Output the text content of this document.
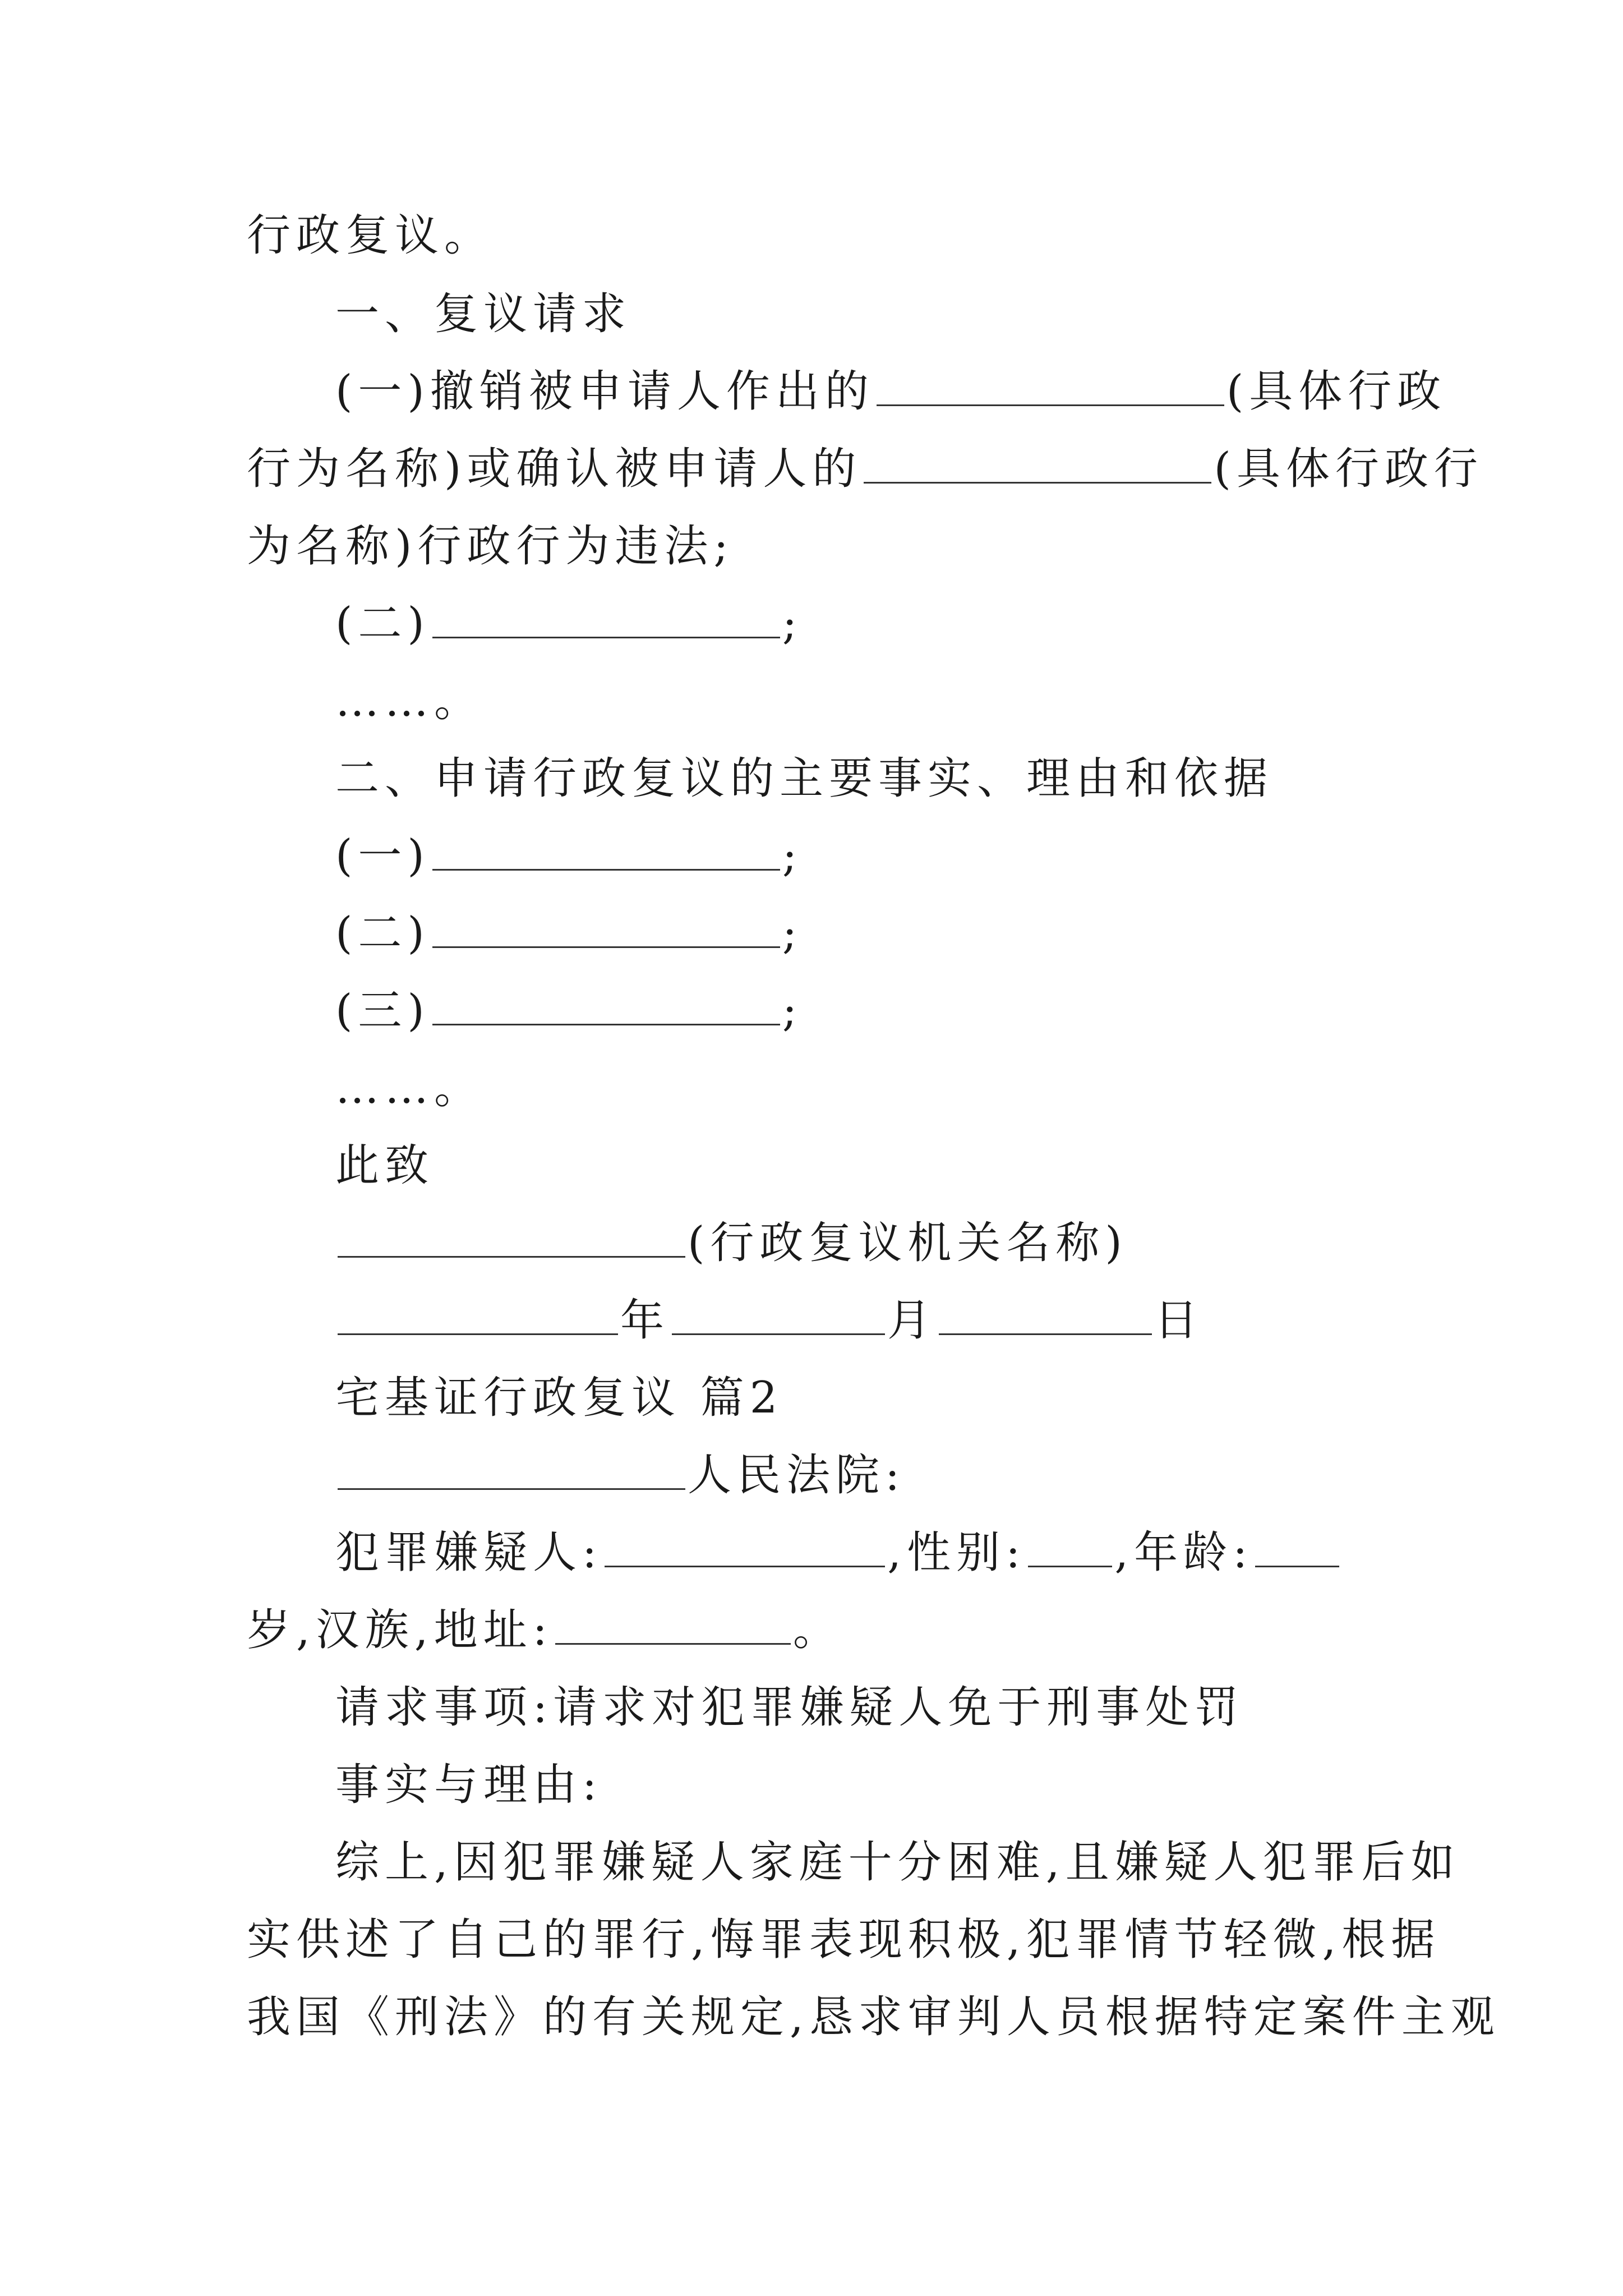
行政复议。
一、复议请求
(一)撤销被申请人作出的	(具体行政
行为名称)或确认被申请人的	(具体行政行
为名称)行政行为违法;
(二)	;
……。
二、申请行政复议的主要事实、理由和依据
(一)	;
(二)	;
(三)	;
……。
此致
(行政复议机关名称)
年	月	日
宅基证行政复议 篇2
人民法院:
犯罪嫌疑人:	,性别: ,年龄:
岁,汉族,地址:	。
请求事项:请求对犯罪嫌疑人免于刑事处罚
事实与理由:
综上,因犯罪嫌疑人家庭十分困难,且嫌疑人犯罪后如
实供述了自己的罪行,悔罪表现积极,犯罪情节轻微,根据
我国《刑法》的有关规定,恳求审判人员根据特定案件主观
